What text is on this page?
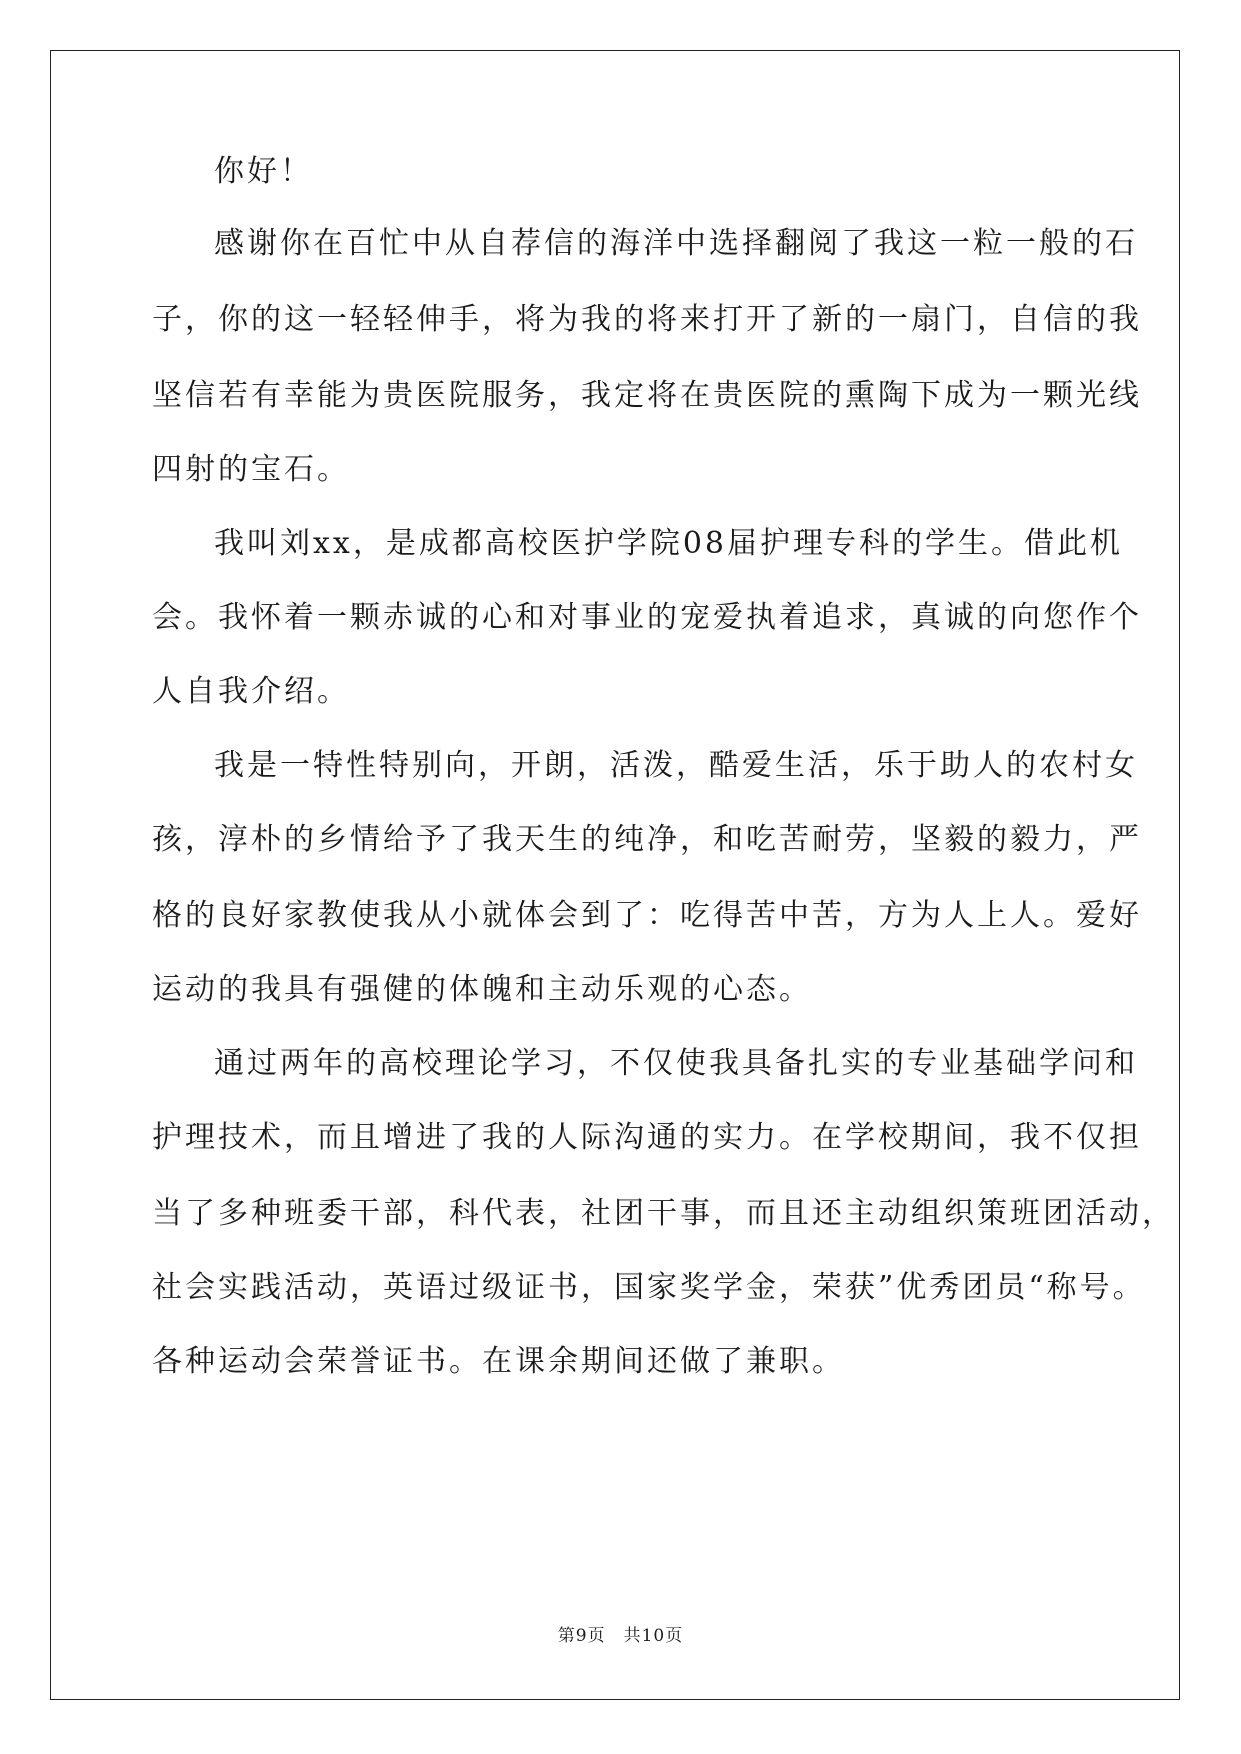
你好！
感谢你在百忙中从自荐信的海洋中选择翻阅了我这一粒一般的石
子，你的这一轻轻伸手，将为我的将来打开了新的一扇门，自信的我
坚信若有幸能为贵医院服务，我定将在贵医院的熏陶下成为一颗光线
四射的宝石。
我叫刘xx，是成都高校医护学院08届护理专科的学生。借此机
会。我怀着一颗赤诚的心和对事业的宠爱执着追求，真诚的向您作个
人自我介绍。
我是一特性特别向，开朗，活泼，酷爱生活，乐于助人的农村女
孩，淳朴的乡情给予了我天生的纯净，和吃苦耐劳，坚毅的毅力，严
格的良好家教使我从小就体会到了：吃得苦中苦，方为人上人。爱好
运动的我具有强健的体魄和主动乐观的心态。
通过两年的高校理论学习，不仅使我具备扎实的专业基础学问和
护理技术，而且增进了我的人际沟通的实力。在学校期间，我不仅担
当了多种班委干部，科代表，社团干事，而且还主动组织策班团活动，
社会实践活动，英语过级证书，国家奖学金，荣获”优秀团员“称号。
各种运动会荣誉证书。在课余期间还做了兼职。
第9页　共10页
